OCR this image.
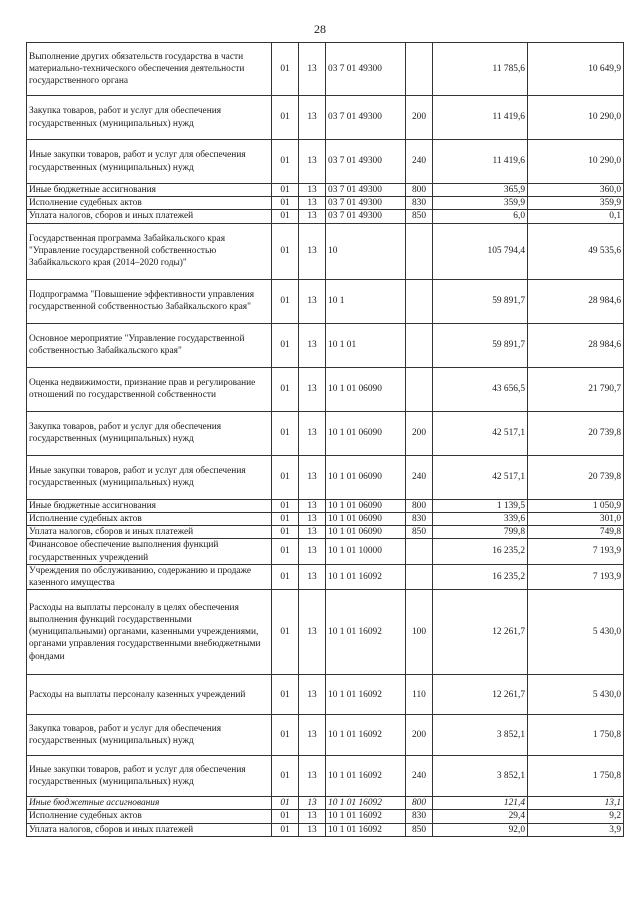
28
Выполнение других обязательств государства в части материально-технического обеспечения деятельности государственного органа	01	13	03 7 01 49300		11 785,6	10 649,9
Закупка товаров, работ и услуг для обеспечения государственных (муниципальных) нужд	01	13	03 7 01 49300	200	11 419,6	10 290,0
Иные закупки товаров, работ и услуг для обеспечения государственных (муниципальных) нужд	01	13	03 7 01 49300	240	11 419,6	10 290,0
Иные бюджетные ассигнования	01	13	03 7 01 49300	800	365,9	360,0
Исполнение судебных актов	01	13	03 7 01 49300	830	359,9	359,9
Уплата налогов, сборов и иных платежей	01	13	03 7 01 49300	850	6,0	0,1
Государственная программа Забайкальского края "Управление государственной собственностью Забайкальского края (2014–2020 годы)"	01	13	10		105 794,4	49 535,6
Подпрограмма "Повышение эффективности управления государственной собственностью Забайкальского края"	01	13	10 1		59 891,7	28 984,6
Основное мероприятие "Управление государственной собственностью Забайкальского края"	01	13	10 1 01		59 891,7	28 984,6
Оценка недвижимости, признание прав и регулирование отношений по государственной собственности	01	13	10 1 01 06090		43 656,5	21 790,7
Закупка товаров, работ и услуг для обеспечения государственных (муниципальных) нужд	01	13	10 1 01 06090	200	42 517,1	20 739,8
Иные закупки товаров, работ и услуг для обеспечения государственных (муниципальных) нужд	01	13	10 1 01 06090	240	42 517,1	20 739,8
Иные бюджетные ассигнования	01	13	10 1 01 06090	800	1 139,5	1 050,9
Исполнение судебных актов	01	13	10 1 01 06090	830	339,6	301,0
Уплата налогов, сборов и иных платежей	01	13	10 1 01 06090	850	799,8	749,8
Финансовое обеспечение выполнения функций государственных учреждений	01	13	10 1 01 10000		16 235,2	7 193,9
Учреждения по обслуживанию, содержанию и продаже казенного имущества	01	13	10 1 01 16092		16 235,2	7 193,9
Расходы на выплаты персоналу в целях обеспечения выполнения функций государственными (муниципальными) органами, казенными учреждениями, органами управления государственными внебюджетными фондами	01	13	10 1 01 16092	100	12 261,7	5 430,0
Расходы на выплаты персоналу казенных учреждений	01	13	10 1 01 16092	110	12 261,7	5 430,0
Закупка товаров, работ и услуг для обеспечения государственных (муниципальных) нужд	01	13	10 1 01 16092	200	3 852,1	1 750,8
Иные закупки товаров, работ и услуг для обеспечения государственных (муниципальных) нужд	01	13	10 1 01 16092	240	3 852,1	1 750,8
Иные бюджетные ассигнования	01	13	10 1 01 16092	800	121,4	13,1
Исполнение судебных актов	01	13	10 1 01 16092	830	29,4	9,2
Уплата налогов, сборов и иных платежей	01	13	10 1 01 16092	850	92,0	3,9
